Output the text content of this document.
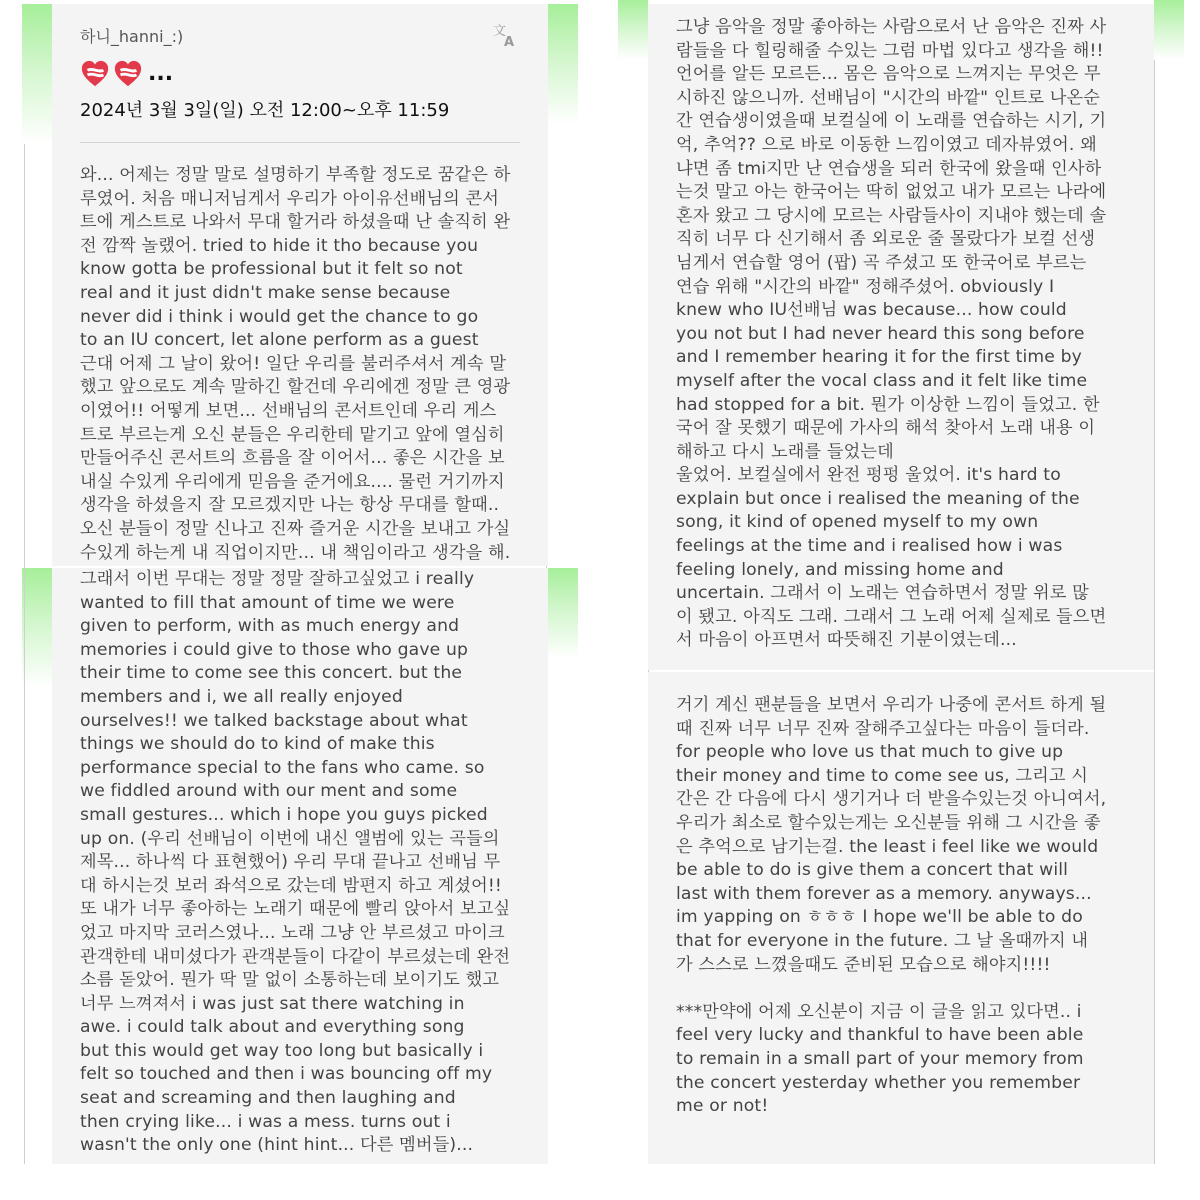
하니_hanni_:)	文
A
...
2024년 3월 3일(일) 오전 12:00~오후 11:59
와... 어제는 정말 말로 설명하기 부족할 정도로 꿈같은 하
루였어. 처음 매니저님게서 우리가 아이유선배님의 콘서
트에 게스트로 나와서 무대 할거라 하셨을때 난 솔직히 완
전 깜짝 놀랬어. tried to hide it tho because you
know gotta be professional but it felt so not
real and it just didn't make sense because
never did i think i would get the chance to go
to an IU concert, let alone perform as a guest
근대 어제 그 날이 왔어! 일단 우리를 불러주셔서 계속 말
했고 앞으로도 계속 말하긴 할건데 우리에겐 정말 큰 영광
이였어!! 어떻게 보면... 선배님의 콘서트인데 우리 게스
트로 부르는게 오신 분들은 우리한테 맡기고 앞에 열심히
만들어주신 콘서트의 흐름을 잘 이어서... 좋은 시간을 보
내실 수있게 우리에게 믿음을 준거에요.... 물런 거기까지
생각을 하셨을지 잘 모르겠지만 나는 항상 무대를 할때..
오신 분들이 정말 신나고 진짜 즐거운 시간을 보내고 가실
수있게 하는게 내 직업이지만... 내 책임이라고 생각을 해.
그래서 이번 무대는 정말 정말 잘하고싶었고 i really
wanted to fill that amount of time we were
given to perform, with as much energy and
memories i could give to those who gave up
their time to come see this concert. but the
members and i, we all really enjoyed
ourselves!! we talked backstage about what
things we should do to kind of make this
performance special to the fans who came. so
we fiddled around with our ment and some
small gestures... which i hope you guys picked
up on. (우리 선배님이 이번에 내신 앨범에 있는 곡들의
제목... 하나씩 다 표현했어) 우리 무대 끝나고 선배님 무
대 하시는것 보러 좌석으로 갔는데 밤편지 하고 계셨어!!
또 내가 너무 좋아하는 노래기 때문에 빨리 앉아서 보고싶
었고 마지막 코러스였나... 노래 그냥 안 부르셨고 마이크
관객한테 내미셨다가 관객분들이 다같이 부르셨는데 완전
소름 돋았어. 뭔가 딱 말 없이 소통하는데 보이기도 했고
너무 느껴져서 i was just sat there watching in
awe. i could talk about and everything song
but this would get way too long but basically i
felt so touched and then i was bouncing off my
seat and screaming and then laughing and
then crying like... i was a mess. turns out i
wasn't the only one (hint hint... 다른 멤버들)...
그냥 음악을 정말 좋아하는 사람으로서 난 음악은 진짜 사
람들을 다 힐링해줄 수있는 그럼 마법 있다고 생각을 해!!
언어를 알든 모르든... 몸은 음악으로 느껴지는 무엇은 무
시하진 않으니까. 선배님이 "시간의 바깥" 인트로 나온순
간 연습생이였을때 보컬실에 이 노래를 연습하는 시기, 기
억, 추억?? 으로 바로 이동한 느낌이였고 데자뷰였어. 왜
냐면 좀 tmi지만 난 연습생을 되러 한국에 왔을때 인사하
는것 말고 아는 한국어는 딱히 없었고 내가 모르는 나라에
혼자 왔고 그 당시에 모르는 사람들사이 지내야 했는데 솔
직히 너무 다 신기해서 좀 외로운 줄 몰랐다가 보컬 선생
님게서 연습할 영어 (팝) 곡 주셨고 또 한국어로 부르는
연습 위해 "시간의 바깥" 정해주셨어. obviously I
knew who IU선배님 was because... how could
you not but I had never heard this song before
and I remember hearing it for the first time by
myself after the vocal class and it felt like time
had stopped for a bit. 뭔가 이상한 느낌이 들었고. 한
국어 잘 못했기 때문에 가사의 해석 찾아서 노래 내용 이
해하고 다시 노래를 들었는데
울었어. 보컬실에서 완전 펑펑 울었어. it's hard to
explain but once i realised the meaning of the
song, it kind of opened myself to my own
feelings at the time and i realised how i was
feeling lonely, and missing home and
uncertain. 그래서 이 노래는 연습하면서 정말 위로 많
이 됐고. 아직도 그래. 그래서 그 노래 어제 실제로 들으면
서 마음이 아프면서 따뜻해진 기분이였는데...
거기 계신 팬분들을 보면서 우리가 나중에 콘서트 하게 될
때 진짜 너무 너무 진짜 잘해주고싶다는 마음이 들더라.
for people who love us that much to give up
their money and time to come see us, 그리고 시
간은 간 다음에 다시 생기거나 더 받을수있는것 아니여서,
우리가 최소로 할수있는게는 오신분들 위해 그 시간을 좋
은 추억으로 남기는걸. the least i feel like we would
be able to do is give them a concert that will
last with them forever as a memory. anyways...
im yapping on ㅎㅎㅎ I hope we'll be able to do
that for everyone in the future. 그 날 올때까지 내
가 스스로 느꼈을때도 준비된 모습으로 해야지!!!!

***만약에 어제 오신분이 지금 이 글을 읽고 있다면.. i
feel very lucky and thankful to have been able
to remain in a small part of your memory from
the concert yesterday whether you remember
me or not!
